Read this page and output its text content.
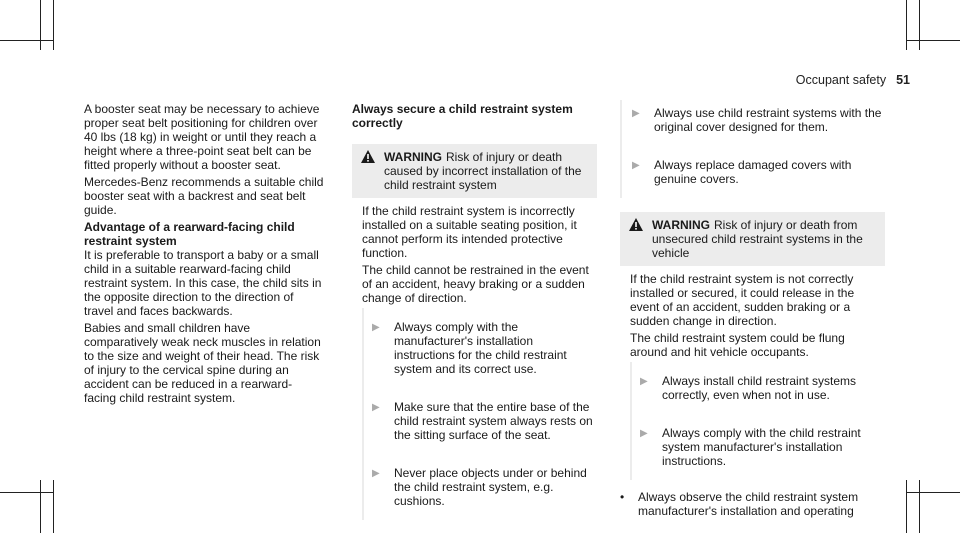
Occupant safety 51

A booster seat may be necessary to achieve proper seat belt positioning for children over 40 lbs (18 kg) in weight or until they reach a height where a three-point seat belt can be fitted properly without a booster seat.

Mercedes-Benz recommends a suitable child booster seat with a backrest and seat belt guide.

Advantage of a rearward-facing child restraint system

It is preferable to transport a baby or a small child in a suitable rearward-facing child restraint system. In this case, the child sits in the opposite direction to the direction of travel and faces backwards.

Babies and small children have comparatively weak neck muscles in relation to the size and weight of their head. The risk of injury to the cervical spine during an accident can be reduced in a rearward-facing child restraint system.

Always secure a child restraint system correctly
WARNING Risk of injury or death caused by incorrect installation of the child restraint system

If the child restraint system is incorrectly installed on a suitable seating position, it cannot perform its intended protective function.

The child cannot be restrained in the event of an accident, heavy braking or a sudden change of direction.

▶	Always comply with the manufacturer's installation instructions for the child restraint system and its correct use.
▶	Make sure that the entire base of the child restraint system always rests on the sitting surface of the seat.
▶	Never place objects under or behind the child restraint system, e.g. cushions.
▶	Always use child restraint systems with the original cover designed for them.
▶	Always replace damaged covers with genuine covers.
WARNING Risk of injury or death from unsecured child restraint systems in the vehicle

If the child restraint system is not correctly installed or secured, it could release in the event of an accident, sudden braking or a sudden change in direction.

The child restraint system could be flung around and hit vehicle occupants.

▶	Always install child restraint systems correctly, even when not in use.
▶	Always comply with the child restraint system manufacturer's installation instructions.
•	Always observe the child restraint system manufacturer's installation and operating
